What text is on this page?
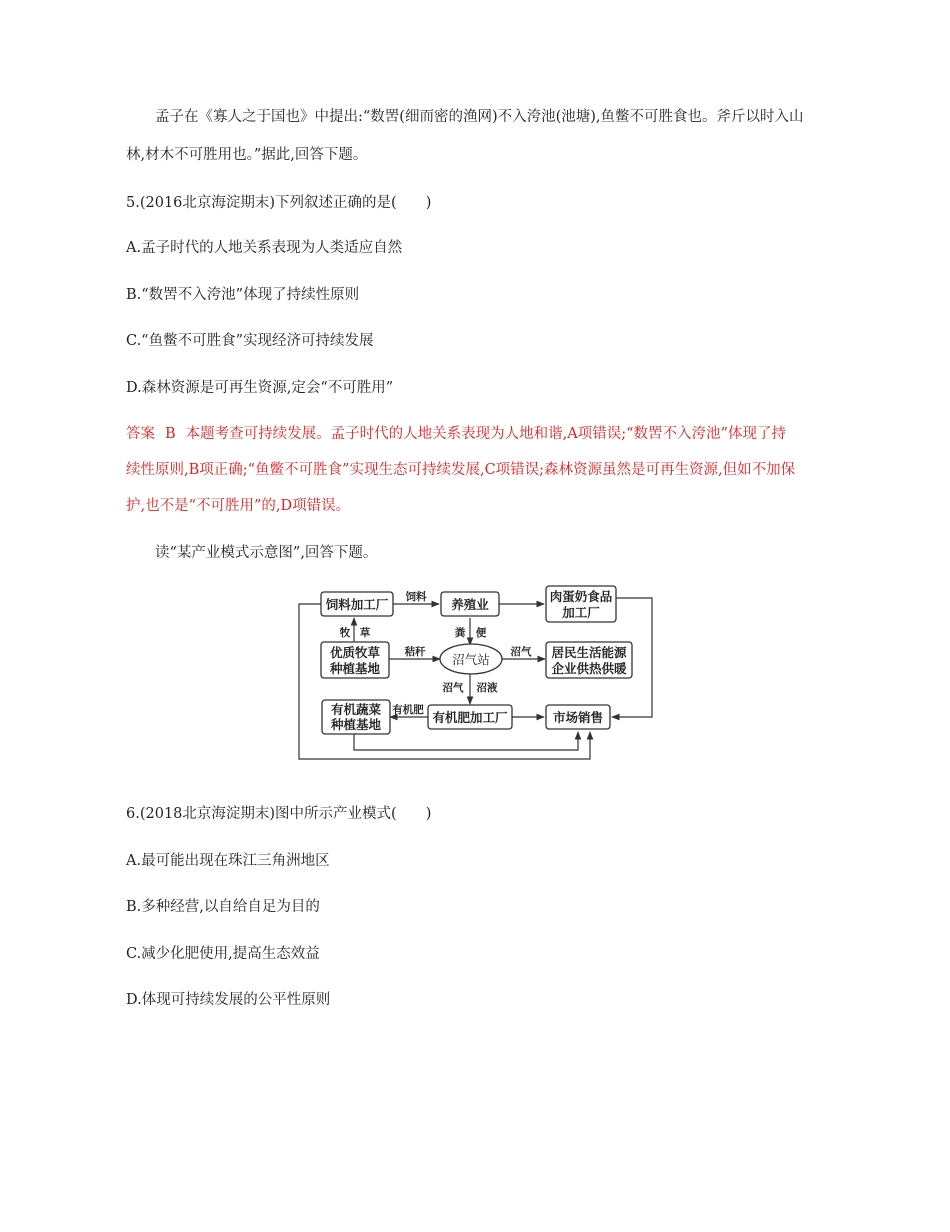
孟子在《寡人之于国也》中提出:“数罟(细而密的渔网)不入洿池(池塘),鱼鳖不可胜食也。斧斤以时入山
林,材木不可胜用也。”据此,回答下题。
5.(2016北京海淀期末)下列叙述正确的是(　　)
A.孟子时代的人地关系表现为人类适应自然
B.“数罟不入洿池”体现了持续性原则
C.“鱼鳖不可胜食”实现经济可持续发展
D.森林资源是可再生资源,定会“不可胜用”
答案 B 本题考查可持续发展。孟子时代的人地关系表现为人地和谐,A项错误;“数罟不入洿池”体现了持
续性原则,B项正确;“鱼鳖不可胜食”实现生态可持续发展,C项错误;森林资源虽然是可再生资源,但如不加保
护,也不是“不可胜用”的,D项错误。
读“某产业模式示意图”,回答下题。
饲料加工厂	养殖业
肉蛋奶食品
加工厂
优质牧草
种植基地
沼气站	居民生活能源
企业供热供暖
有机蔬菜
种植基地	有机肥加工厂	市场销售
饲料
牧 草	粪 便
秸秆	沼气
沼气 沼液
有机肥
6.(2018北京海淀期末)图中所示产业模式(　　)
A.最可能出现在珠江三角洲地区
B.多种经营,以自给自足为目的
C.减少化肥使用,提高生态效益
D.体现可持续发展的公平性原则
